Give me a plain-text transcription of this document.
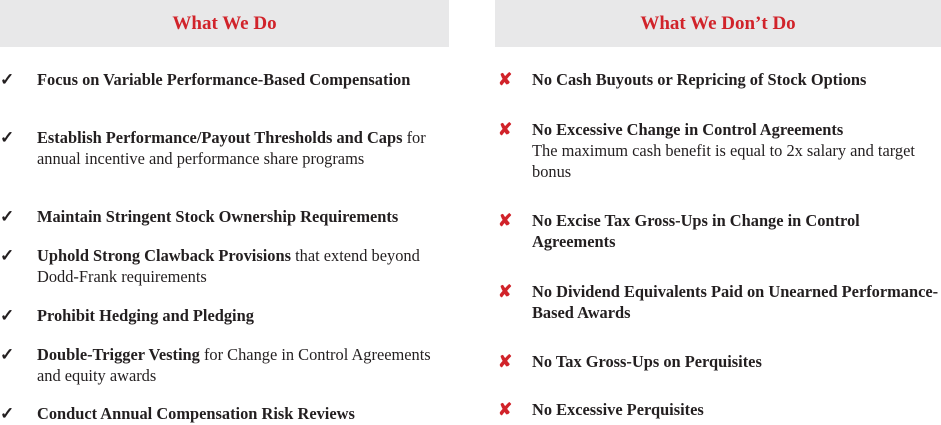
What We Do
✓	Focus on Variable Performance-Based Compensation
✓	Establish Performance/Payout Thresholds and Caps for annual incentive and performance share programs
✓	Maintain Stringent Stock Ownership Requirements
✓	Uphold Strong Clawback Provisions that extend beyond Dodd-Frank requirements
✓	Prohibit Hedging and Pledging
✓	Double-Trigger Vesting for Change in Control Agreements and equity awards
✓	Conduct Annual Compensation Risk Reviews
What We Don’t Do
✘	No Cash Buyouts or Repricing of Stock Options
✘	No Excessive Change in Control Agreements
The maximum cash benefit is equal to 2x salary and target bonus
✘	No Excise Tax Gross-Ups in Change in Control Agreements
✘	No Dividend Equivalents Paid on Unearned Performance-Based Awards
✘	No Tax Gross-Ups on Perquisites
✘	No Excessive Perquisites
